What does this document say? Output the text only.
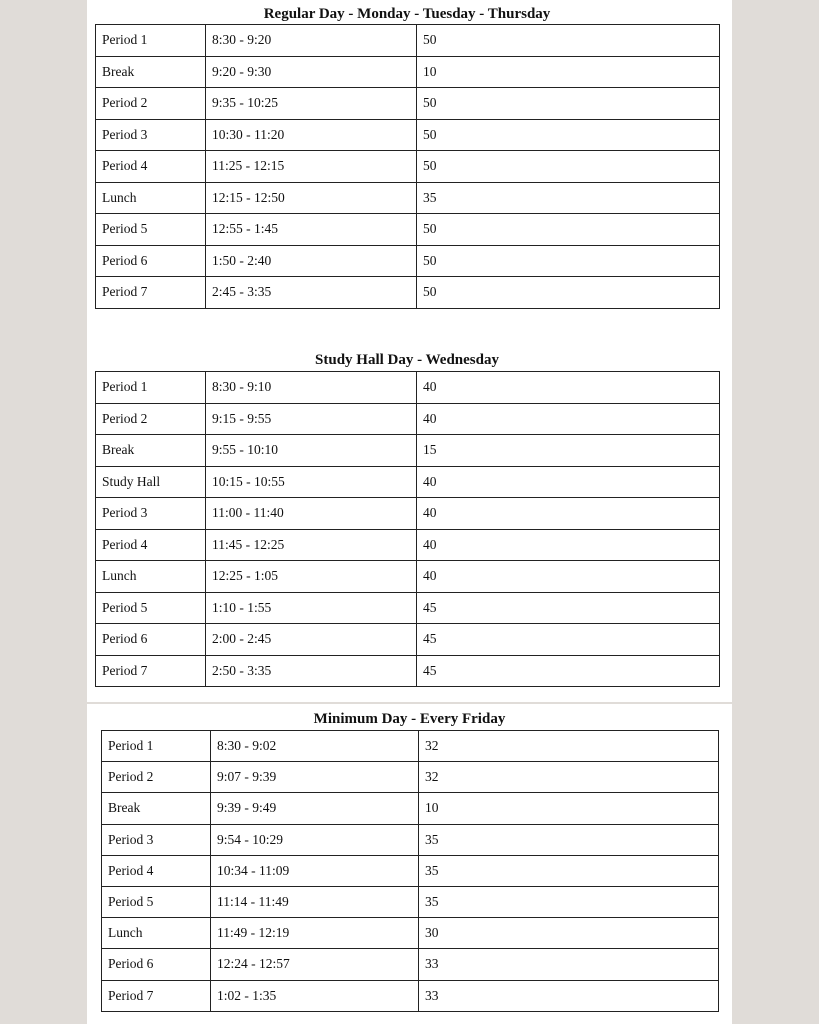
Regular Day - Monday - Tuesday - Thursday
Period 1	8:30 - 9:20	50
Break	9:20 - 9:30	10
Period 2	9:35 - 10:25	50
Period 3	10:30 - 11:20	50
Period 4	11:25 - 12:15	50
Lunch	12:15 - 12:50	35
Period 5	12:55 - 1:45	50
Period 6	1:50 - 2:40	50
Period 7	2:45 - 3:35	50
Study Hall Day - Wednesday
Period 1	8:30 - 9:10	40
Period 2	9:15 - 9:55	40
Break	9:55 - 10:10	15
Study Hall	10:15 - 10:55	40
Period 3	11:00 - 11:40	40
Period 4	11:45 - 12:25	40
Lunch	12:25 - 1:05	40
Period 5	1:10 - 1:55	45
Period 6	2:00 - 2:45	45
Period 7	2:50 - 3:35	45
Minimum Day - Every Friday
Period 1	8:30 - 9:02	32
Period 2	9:07 - 9:39	32
Break	9:39 - 9:49	10
Period 3	9:54 - 10:29	35
Period 4	10:34 - 11:09	35
Period 5	11:14 - 11:49	35
Lunch	11:49 - 12:19	30
Period 6	12:24 - 12:57	33
Period 7	1:02 - 1:35	33
